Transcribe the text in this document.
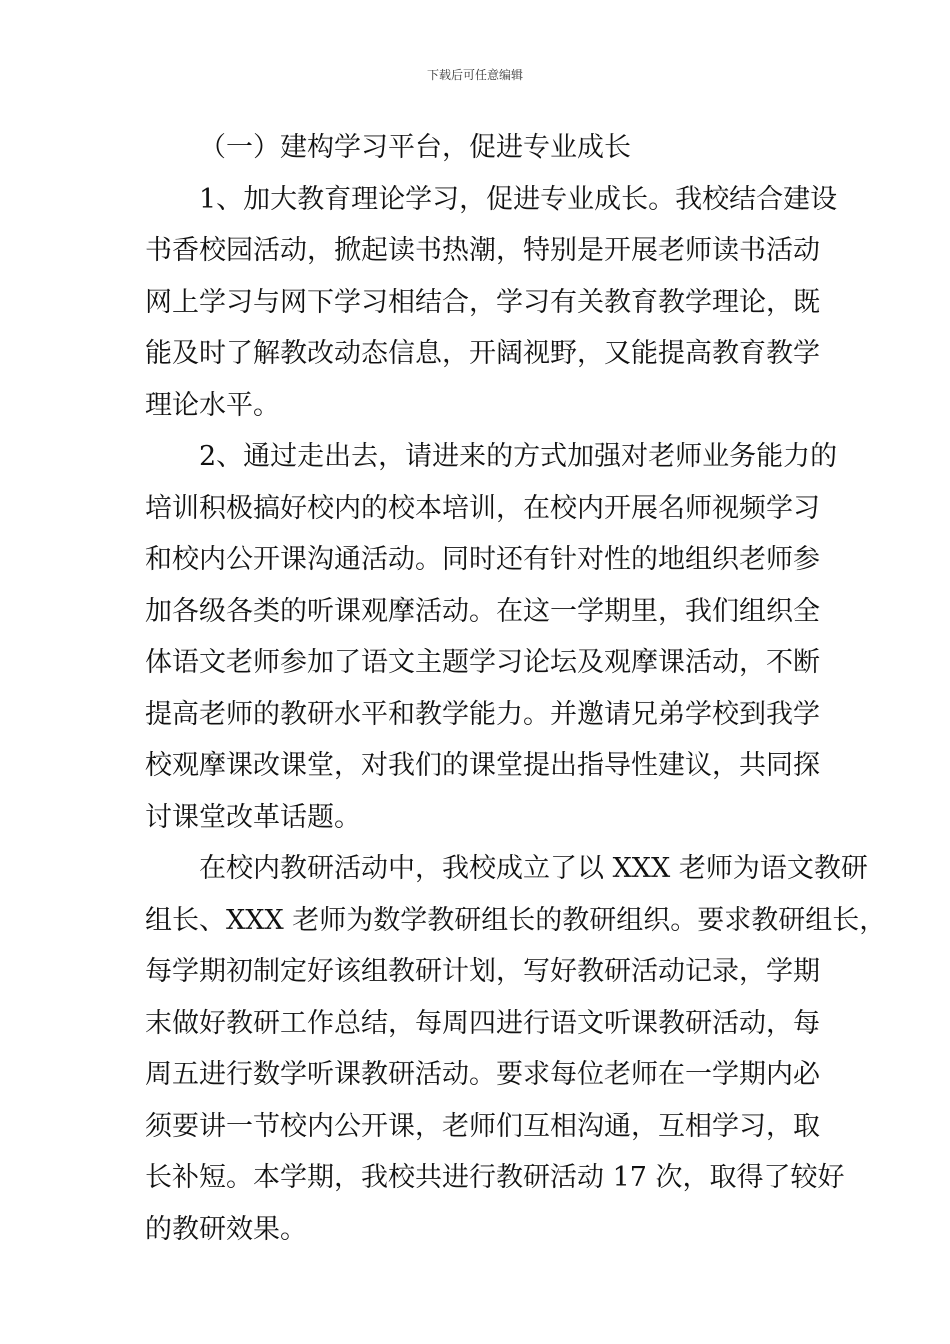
下载后可任意编辑
（一）建构学习平台，促进专业成长
1、加大教育理论学习，促进专业成长。我校结合建设
书香校园活动，掀起读书热潮，特别是开展老师读书活动
网上学习与网下学习相结合，学习有关教育教学理论，既
能及时了解教改动态信息，开阔视野，又能提高教育教学
理论水平。
2、通过走出去，请进来的方式加强对老师业务能力的
培训积极搞好校内的校本培训，在校内开展名师视频学习
和校内公开课沟通活动。同时还有针对性的地组织老师参
加各级各类的听课观摩活动。在这一学期里，我们组织全
体语文老师参加了语文主题学习论坛及观摩课活动，不断
提高老师的教研水平和教学能力。并邀请兄弟学校到我学
校观摩课改课堂，对我们的课堂提出指导性建议，共同探
讨课堂改革话题。
在校内教研活动中，我校成立了以 XXX 老师为语文教研
组长、XXX 老师为数学教研组长的教研组织。要求教研组长，
每学期初制定好该组教研计划，写好教研活动记录，学期
末做好教研工作总结，每周四进行语文听课教研活动，每
周五进行数学听课教研活动。要求每位老师在一学期内必
须要讲一节校内公开课，老师们互相沟通，互相学习，取
长补短。本学期，我校共进行教研活动 17 次，取得了较好
的教研效果。
